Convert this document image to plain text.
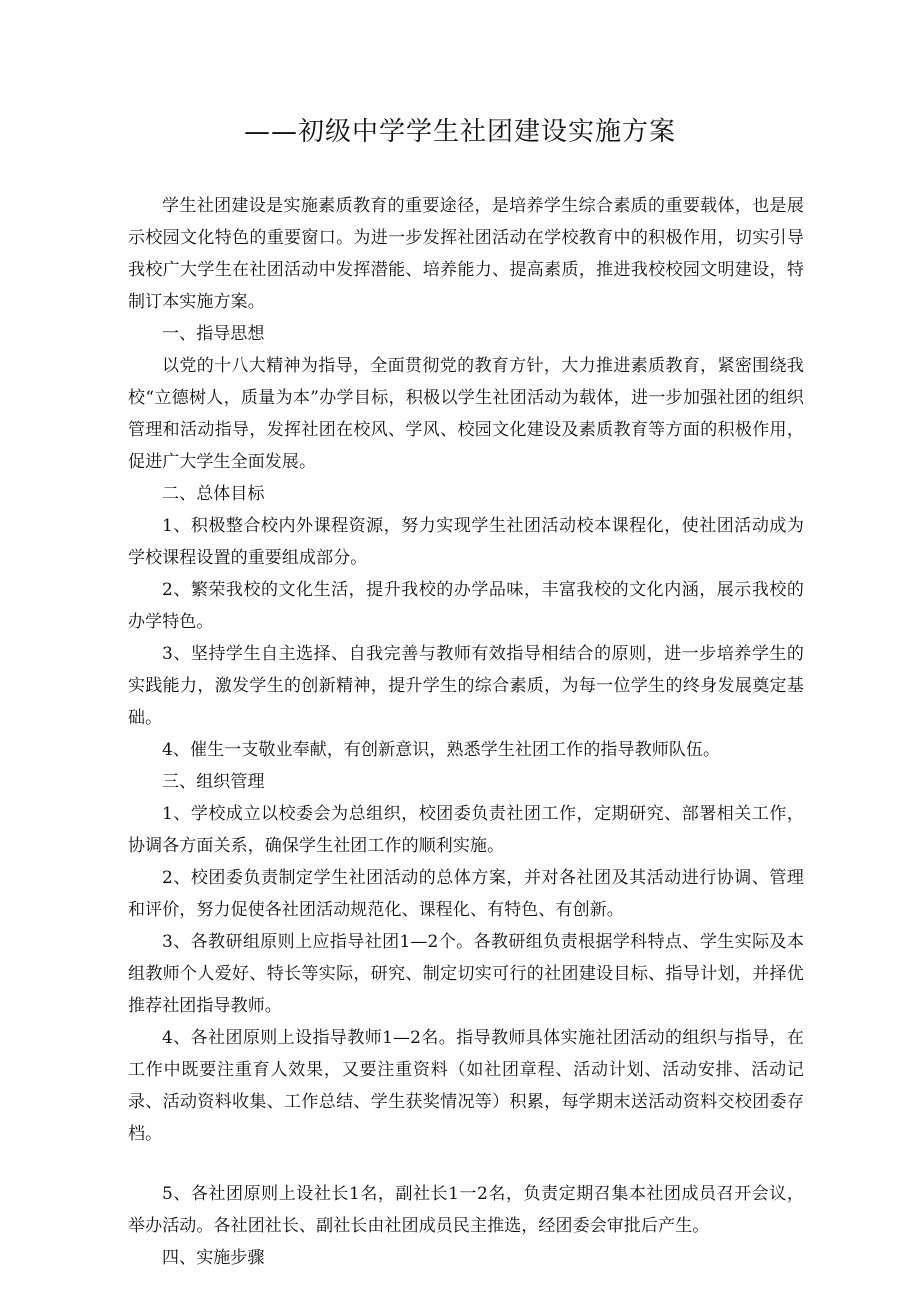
——初级中学学生社团建设实施方案

学生社团建设是实施素质教育的重要途径，是培养学生综合素质的重要载体，也是展示校园文化特色的重要窗口。为进一步发挥社团活动在学校教育中的积极作用，切实引导我校广大学生在社团活动中发挥潜能、培养能力、提高素质，推进我校校园文明建设，特制订本实施方案。

一、指导思想

以党的十八大精神为指导，全面贯彻党的教育方针，大力推进素质教育，紧密围绕我校“立德树人，质量为本”办学目标，积极以学生社团活动为载体，进一步加强社团的组织管理和活动指导，发挥社团在校风、学风、校园文化建设及素质教育等方面的积极作用，促进广大学生全面发展。

二、总体目标

1、积极整合校内外课程资源，努力实现学生社团活动校本课程化，使社团活动成为学校课程设置的重要组成部分。

2、繁荣我校的文化生活，提升我校的办学品味，丰富我校的文化内涵，展示我校的办学特色。

3、坚持学生自主选择、自我完善与教师有效指导相结合的原则，进一步培养学生的实践能力，激发学生的创新精神，提升学生的综合素质，为每一位学生的终身发展奠定基础。

4、催生一支敬业奉献，有创新意识，熟悉学生社团工作的指导教师队伍。

三、组织管理

1、学校成立以校委会为总组织，校团委负责社团工作，定期研究、部署相关工作，协调各方面关系，确保学生社团工作的顺利实施。

2、校团委负责制定学生社团活动的总体方案，并对各社团及其活动进行协调、管理和评价，努力促使各社团活动规范化、课程化、有特色、有创新。

3、各教研组原则上应指导社团1—2个。各教研组负责根据学科特点、学生实际及本组教师个人爱好、特长等实际，研究、制定切实可行的社团建设目标、指导计划，并择优推荐社团指导教师。

4、各社团原则上设指导教师1—2名。指导教师具体实施社团活动的组织与指导，在工作中既要注重育人效果，又要注重资料（如社团章程、活动计划、活动安排、活动记录、活动资料收集、工作总结、学生获奖情况等）积累，每学期末送活动资料交校团委存档。

5、各社团原则上设社长1名，副社长1一2名，负责定期召集本社团成员召开会议，举办活动。各社团社长、副社长由社团成员民主推选，经团委会审批后产生。

四、实施步骤
